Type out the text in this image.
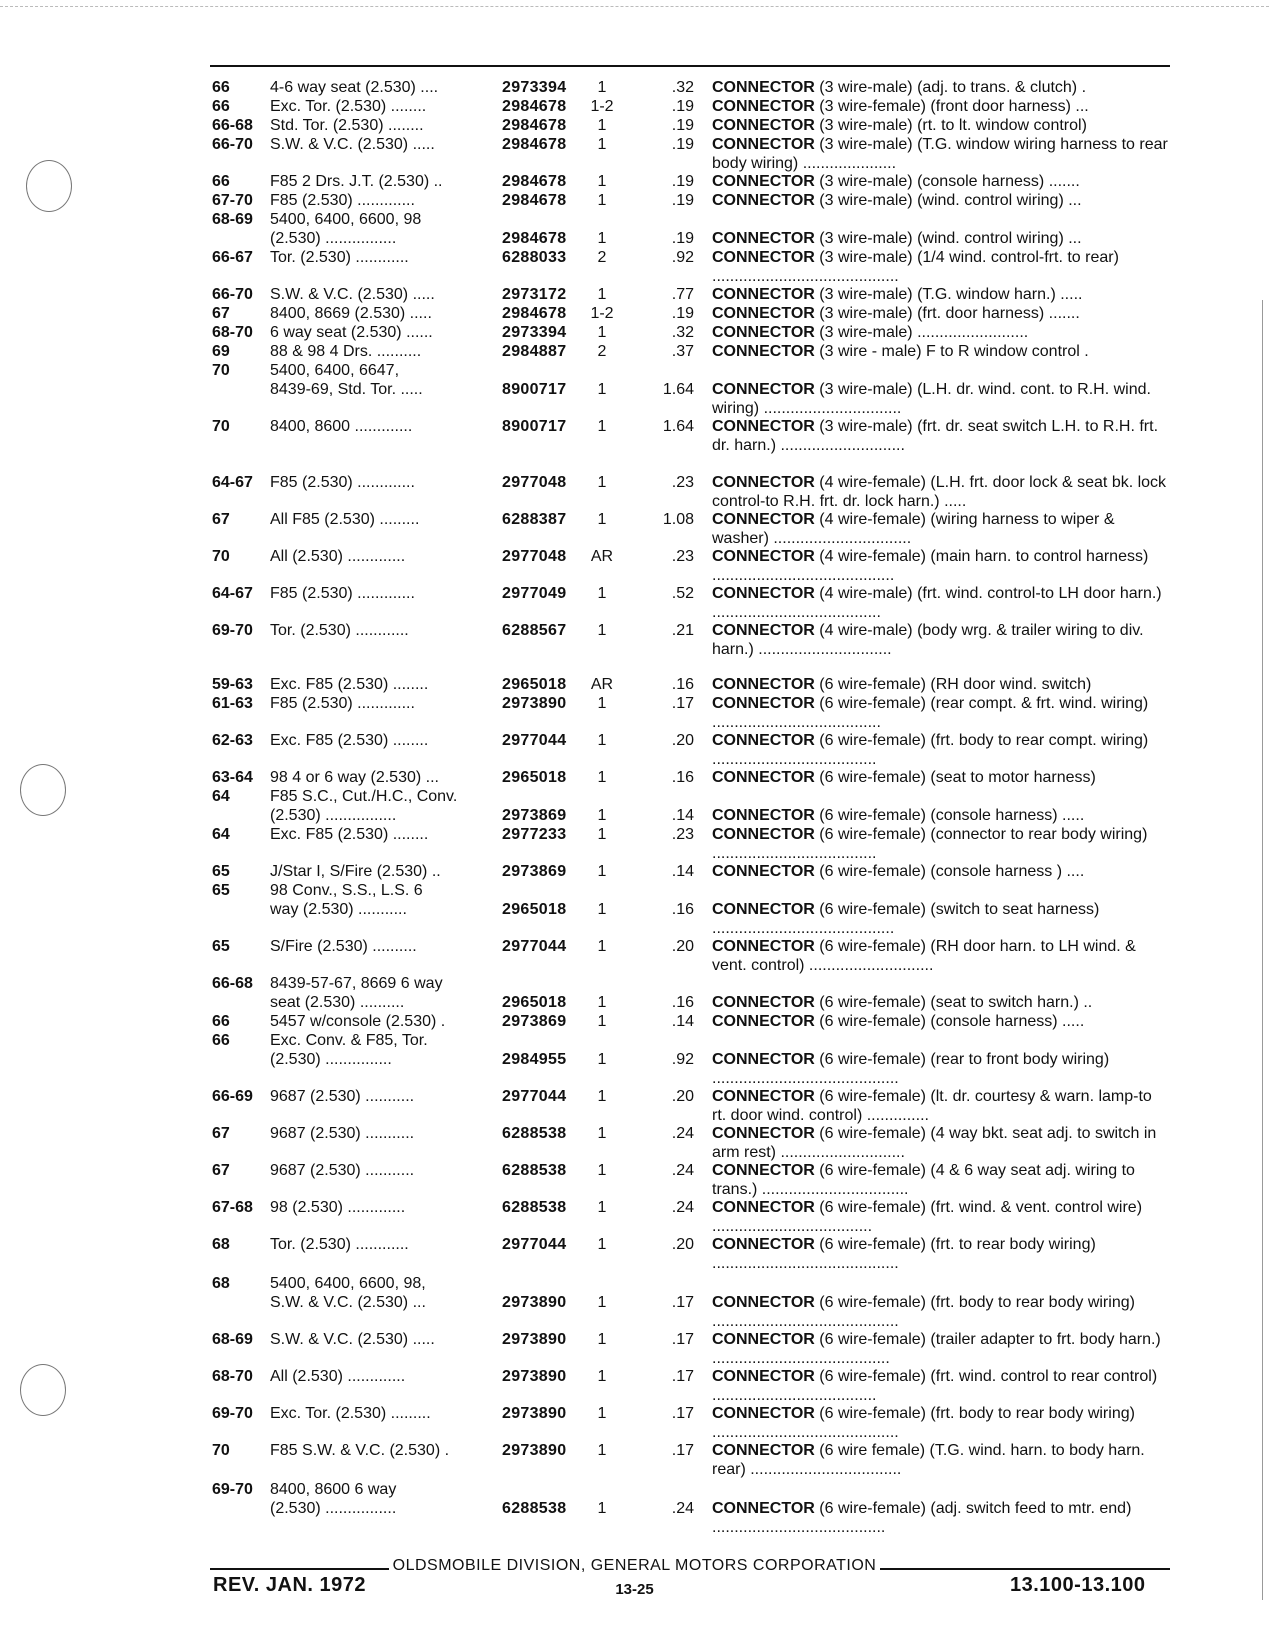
66	4-6 way seat (2.530) ....	2973394	1	.32 CONNECTOR (3 wire-male) (adj. to trans. & clutch) .
66	Exc. Tor. (2.530) ........	2984678	1-2	.19 CONNECTOR (3 wire-female) (front door harness) ...
66-68 Std. Tor. (2.530) ........	2984678	1	.19 CONNECTOR (3 wire-male) (rt. to lt. window control)
66-70 S.W. & V.C. (2.530) .....	2984678	1	.19 CONNECTOR (3 wire-male) (T.G. window wiring harness to rear body wiring) .....................
66	F85 2 Drs. J.T. (2.530) ..	2984678	1	.19 CONNECTOR (3 wire-male) (console harness) .......
67-70 F85 (2.530) .............	2984678	1	.19 CONNECTOR (3 wire-male) (wind. control wiring) ...
68-69 5400, 6400, 6600, 98
(2.530) ................	2984678	1	.19 CONNECTOR (3 wire-male) (wind. control wiring) ...
66-67 Tor. (2.530) ............	6288033	2	.92 CONNECTOR (3 wire-male) (1/4 wind. control-frt. to rear) ..........................................
66-70 S.W. & V.C. (2.530) .....	2973172	1	.77 CONNECTOR (3 wire-male) (T.G. window harn.) .....
67	8400, 8669 (2.530) .....	2984678	1-2	.19 CONNECTOR (3 wire-male) (frt. door harness) .......
68-70 6 way seat (2.530) ......	2973394	1	.32 CONNECTOR (3 wire-male) .........................
69	88 & 98 4 Drs. ..........	2984887	2	.37 CONNECTOR (3 wire - male) F to R window control .
70	5400, 6400, 6647,
8439-69, Std. Tor. .....	8900717	1	1.64 CONNECTOR (3 wire-male) (L.H. dr. wind. cont. to R.H. wind. wiring) ...............................
70	8400, 8600 .............	8900717	1	1.64 CONNECTOR (3 wire-male) (frt. dr. seat switch L.H. to R.H. frt. dr. harn.) ............................
64-67 F85 (2.530) .............	2977048	1	.23 CONNECTOR (4 wire-female) (L.H. frt. door lock & seat bk. lock control-to R.H. frt. dr. lock harn.) .....
67	All F85 (2.530) .........	6288387	1	1.08 CONNECTOR (4 wire-female) (wiring harness to wiper & washer) ...............................
70	All (2.530) .............	2977048	AR	.23 CONNECTOR (4 wire-female) (main harn. to control harness) .........................................
64-67 F85 (2.530) .............	2977049	1	.52 CONNECTOR (4 wire-male) (frt. wind. control-to LH door harn.) ......................................
69-70 Tor. (2.530) ............	6288567	1	.21 CONNECTOR (4 wire-male) (body wrg. & trailer wiring to div. harn.) ..............................
59-63 Exc. F85 (2.530) ........	2965018	AR	.16 CONNECTOR (6 wire-female) (RH door wind. switch)
61-63 F85 (2.530) .............	2973890	1	.17 CONNECTOR (6 wire-female) (rear compt. & frt. wind. wiring) ......................................
62-63 Exc. F85 (2.530) ........	2977044	1	.20 CONNECTOR (6 wire-female) (frt. body to rear compt. wiring) .....................................
63-64 98 4 or 6 way (2.530) ...	2965018	1	.16 CONNECTOR (6 wire-female) (seat to motor harness)
64	F85 S.C., Cut./H.C., Conv.
(2.530) ................	2973869	1	.14 CONNECTOR (6 wire-female) (console harness) .....
64	Exc. F85 (2.530) ........	2977233	1	.23 CONNECTOR (6 wire-female) (connector to rear body wiring) .....................................
65	J/Star I, S/Fire (2.530) ..	2973869	1	.14 CONNECTOR (6 wire-female) (console harness ) ....
65	98 Conv., S.S., L.S. 6
way (2.530) ...........	2965018	1	.16 CONNECTOR (6 wire-female) (switch to seat harness) .........................................
65	S/Fire (2.530) ..........	2977044	1	.20 CONNECTOR (6 wire-female) (RH door harn. to LH wind. & vent. control) ............................
66-68 8439-57-67, 8669 6 way
seat (2.530) ..........	2965018	1	.16 CONNECTOR (6 wire-female) (seat to switch harn.) ..
66	5457 w/console (2.530) .	2973869	1	.14 CONNECTOR (6 wire-female) (console harness) .....
66	Exc. Conv. & F85, Tor.
(2.530) ...............	2984955	1	.92 CONNECTOR (6 wire-female) (rear to front body wiring) ..........................................
66-69 9687 (2.530) ...........	2977044	1	.20 CONNECTOR (6 wire-female) (lt. dr. courtesy & warn. lamp-to rt. door wind. control) ..............
67	9687 (2.530) ...........	6288538	1	.24 CONNECTOR (6 wire-female) (4 way bkt. seat adj. to switch in arm rest) ............................
67	9687 (2.530) ...........	6288538	1	.24 CONNECTOR (6 wire-female) (4 & 6 way seat adj. wiring to trans.) .................................
67-68 98 (2.530) .............	6288538	1	.24 CONNECTOR (6 wire-female) (frt. wind. & vent. control wire) ....................................
68	Tor. (2.530) ............	2977044	1	.20 CONNECTOR (6 wire-female) (frt. to rear body wiring) ..........................................
68	5400, 6400, 6600, 98,
S.W. & V.C. (2.530) ...	2973890	1	.17 CONNECTOR (6 wire-female) (frt. body to rear body wiring) ..........................................
68-69 S.W. & V.C. (2.530) .....	2973890	1	.17 CONNECTOR (6 wire-female) (trailer adapter to frt. body harn.) ........................................
68-70 All (2.530) .............	2973890	1	.17 CONNECTOR (6 wire-female) (frt. wind. control to rear control) .....................................
69-70 Exc. Tor. (2.530) .........	2973890	1	.17 CONNECTOR (6 wire-female) (frt. body to rear body wiring) ..........................................
70	F85 S.W. & V.C. (2.530) .	2973890	1	.17 CONNECTOR (6 wire female) (T.G. wind. harn. to body harn. rear) ..................................
69-70 8400, 8600 6 way
(2.530) ................	6288538	1	.24 CONNECTOR (6 wire-female) (adj. switch feed to mtr. end) .......................................
OLDSMOBILE DIVISION, GENERAL MOTORS CORPORATION
REV. JAN. 1972	13-25	13.100-13.100
